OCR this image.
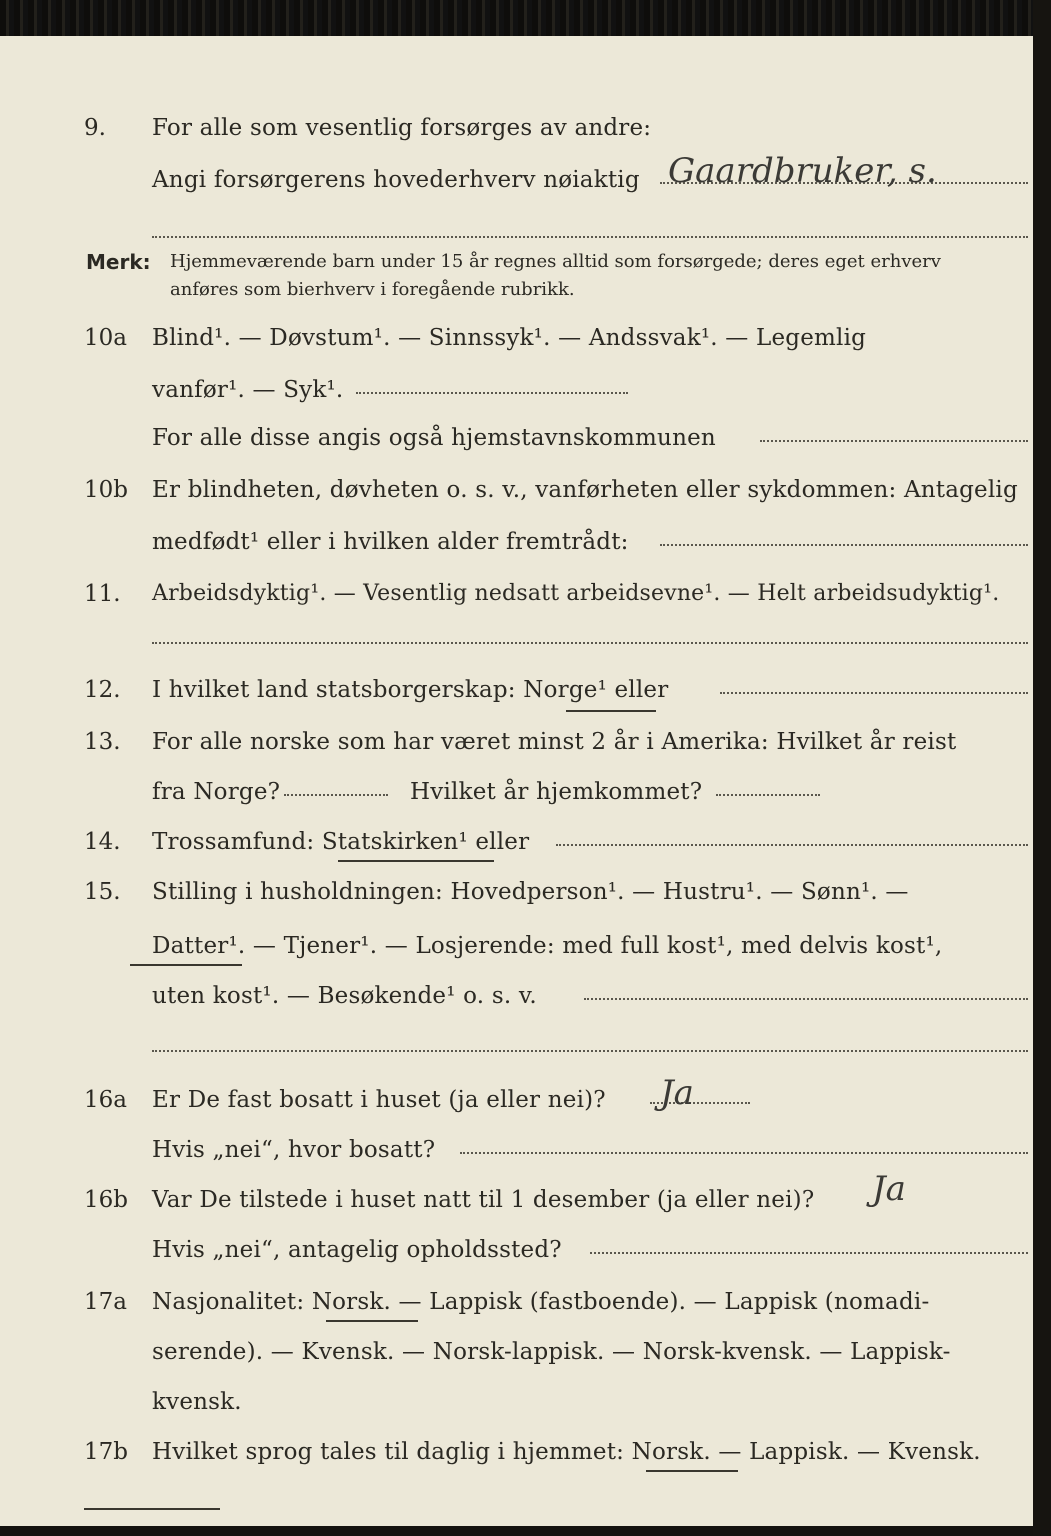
9. For alle som vesentlig forsørges av andre:
Angi forsørgerens hovederhverv nøiaktig Gaardbruker, s.
Merk: Hjemmeværende barn under 15 år regnes alltid som forsørgede; deres eget erhverv
anføres som bierhverv i foregående rubrikk.
10a Blind¹. — Døvstum¹. — Sinnssyk¹. — Andssvak¹. — Legemlig
vanfør¹. — Syk¹.
For alle disse angis også hjemstavnskommunen
10b Er blindheten, døvheten o. s. v., vanførheten eller sykdommen: Antagelig
medfødt¹ eller i hvilken alder fremtrådt:
11. Arbeidsdyktig¹. — Vesentlig nedsatt arbeidsevne¹. — Helt arbeidsudyktig¹.
12. I hvilket land statsborgerskap: Norge¹ eller
13. For alle norske som har været minst 2 år i Amerika: Hvilket år reist
fra Norge?	Hvilket år hjemkommet?
14. Trossamfund: Statskirken¹ eller
15. Stilling i husholdningen: Hovedperson¹. — Hustru¹. — Sønn¹. —
Datter¹. — Tjener¹. — Losjerende: med full kost¹, med delvis kost¹,
uten kost¹. — Besøkende¹ o. s. v.
16a Er De fast bosatt i huset (ja eller nei)? Ja
Hvis „nei“, hvor bosatt?
16b Var De tilstede i huset natt til 1 desember (ja eller nei)? Ja
Hvis „nei“, antagelig opholdssted?
17a Nasjonalitet: Norsk. — Lappisk (fastboende). — Lappisk (nomadi-
serende). — Kvensk. — Norsk-lappisk. — Norsk-kvensk. — Lappisk-
kvensk.
17b Hvilket sprog tales til daglig i hjemmet: Norsk. — Lappisk. — Kvensk.
